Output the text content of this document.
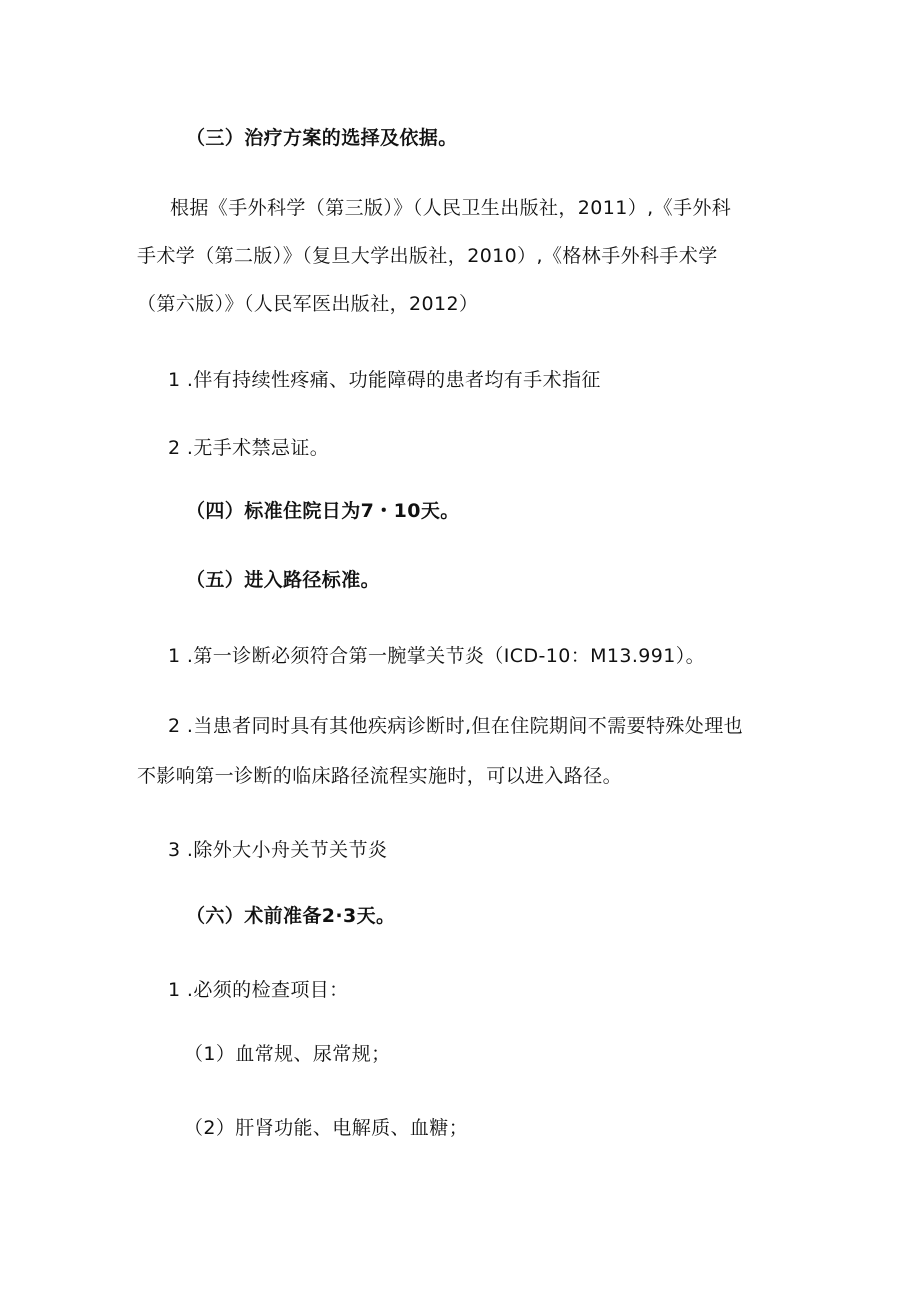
（三）治疗方案的选择及依据。
根据《手外科学（第三版）》（人民卫生出版社，2011）,《手外科
手术学（第二版）》（复旦大学出版社，2010）,《格林手外科手术学
（第六版）》（人民军医出版社，2012）
1 .伴有持续性疼痛、功能障碍的患者均有手术指征
2 .无手术禁忌证。
（四）标准住院日为7・10天。
（五）进入路径标准。
1 .第一诊断必须符合第一腕掌关节炎（ICD-10：M13.991）。
2 .当患者同时具有其他疾病诊断时,但在住院期间不需要特殊处理也
不影响第一诊断的临床路径流程实施时，可以进入路径。
3 .除外大小舟关节关节炎
（六）术前准备2∙3天。
1 .必须的检查项目：
（1）血常规、尿常规；
（2）肝肾功能、电解质、血糖；
